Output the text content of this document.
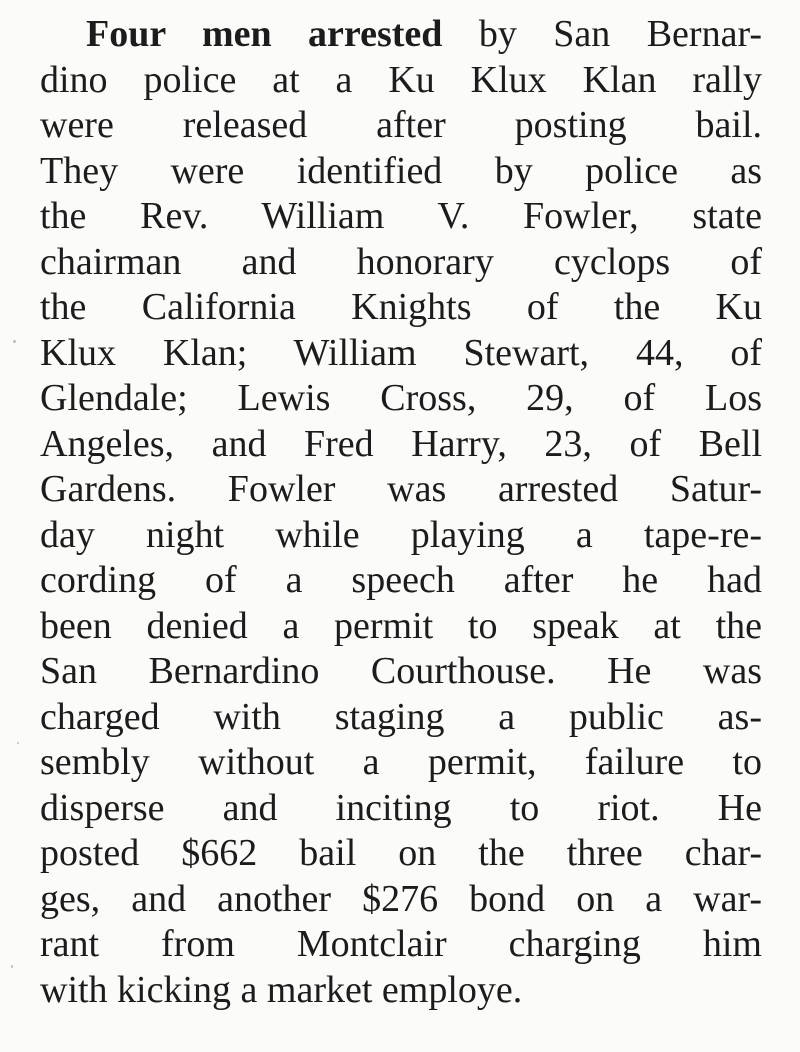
Four men arrested by San Bernar-
dino police at a Ku Klux Klan rally
were released after posting bail.
They were identified by police as
the Rev. William V. Fowler, state
chairman and honorary cyclops of
the California Knights of the Ku
Klux Klan; William Stewart, 44, of
Glendale; Lewis Cross, 29, of Los
Angeles, and Fred Harry, 23, of Bell
Gardens. Fowler was arrested Satur-
day night while playing a tape-re-
cording of a speech after he had
been denied a permit to speak at the
San Bernardino Courthouse. He was
charged with staging a public as-
sembly without a permit, failure to
disperse and inciting to riot. He
posted $662 bail on the three char-
ges, and another $276 bond on a war-
rant from Montclair charging him
with kicking a market employe.
